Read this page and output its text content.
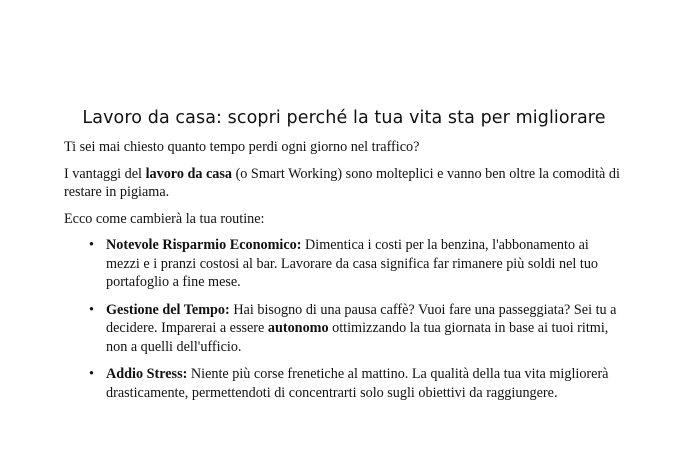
Lavoro da casa: scopri perché la tua vita sta per migliorare

Ti sei mai chiesto quanto tempo perdi ogni giorno nel traffico?

I vantaggi del lavoro da casa (o Smart Working) sono molteplici e vanno ben oltre la comodità di restare in pigiama.

Ecco come cambierà la tua routine:

• Notevole Risparmio Economico: Dimentica i costi per la benzina, l'abbonamento ai mezzi e i pranzi costosi al bar. Lavorare da casa significa far rimanere più soldi nel tuo portafoglio a fine mese.
• Gestione del Tempo: Hai bisogno di una pausa caffè? Vuoi fare una passeggiata? Sei tu a decidere. Imparerai a essere autonomo ottimizzando la tua giornata in base ai tuoi ritmi, non a quelli dell'ufficio.
• Addio Stress: Niente più corse frenetiche al mattino. La qualità della tua vita migliorerà drasticamente, permettendoti di concentrarti solo sugli obiettivi da raggiungere.
